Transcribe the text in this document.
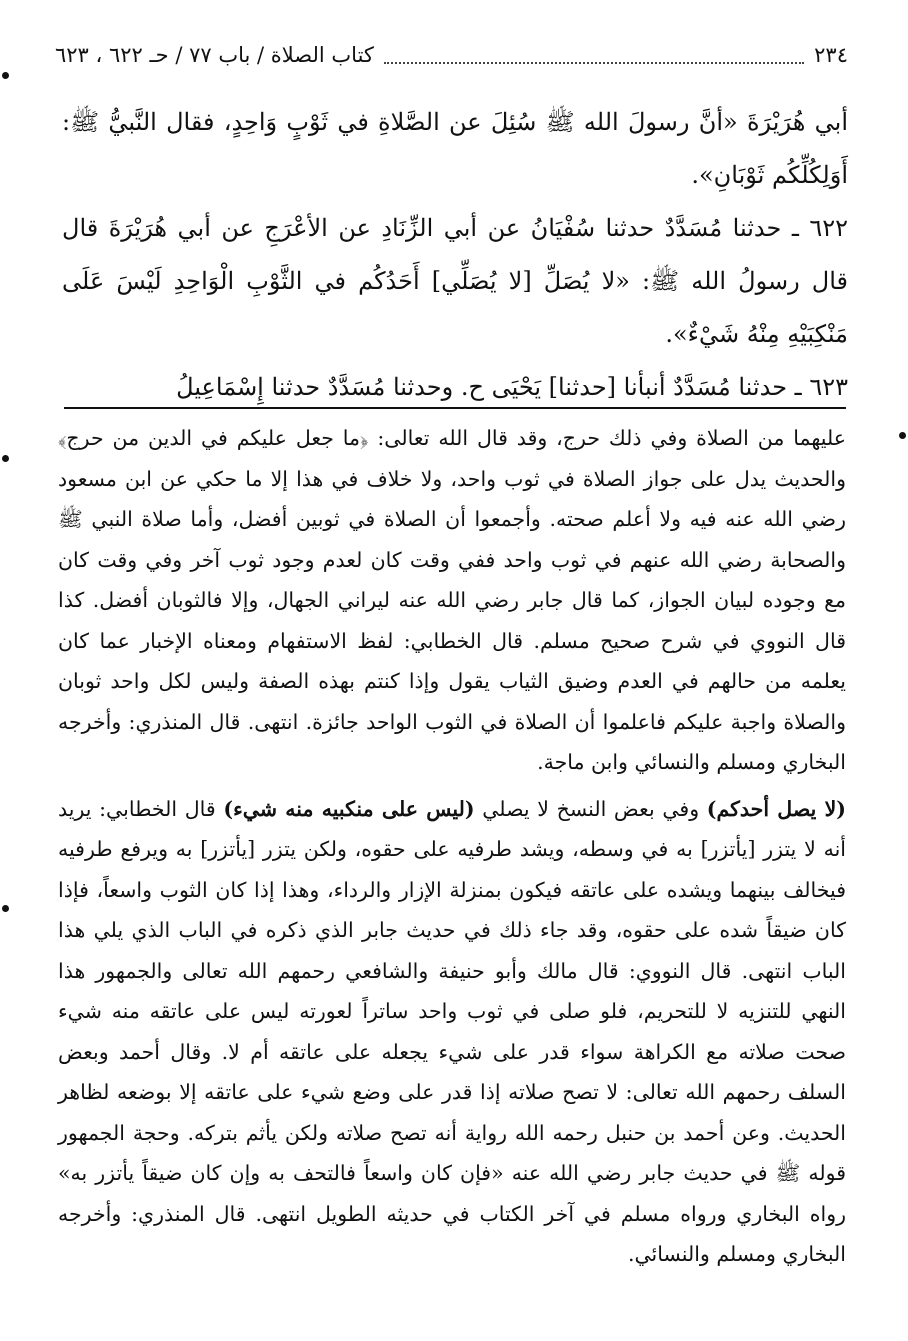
٢٣٤
كتاب الصلاة / باب ٧٧ / حـ ٦٢٢ ، ٦٢٣

أبي هُرَيْرَةَ «أنَّ رسولَ الله ﷺ سُئِلَ عن الصَّلاةِ في ثَوْبٍ وَاحِدٍ، فقال النَّبيُّ ﷺ: أَوَلِكُلِّكُم ثَوْبَانِ».

٦٢٢ ـ حدثنا مُسَدَّدٌ حدثنا سُفْيَانُ عن أبي الزِّنَادِ عن الأعْرَجِ عن أبي هُرَيْرَةَ قال قال رسولُ الله ﷺ: «لا يُصَلِّ [لا يُصَلِّي] أَحَدُكُم في الثَّوْبِ الْوَاحِدِ لَيْسَ عَلَى مَنْكِبَيْهِ مِنْهُ شَيْءٌ».

٦٢٣ ـ حدثنا مُسَدَّدٌ أنبأنا [حدثنا] يَحْيَى ح. وحدثنا مُسَدَّدٌ حدثنا إِسْمَاعِيلُ

عليهما من الصلاة وفي ذلك حرج، وقد قال الله تعالى: ﴿ما جعل عليكم في الدين من حرج﴾ والحديث يدل على جواز الصلاة في ثوب واحد، ولا خلاف في هذا إلا ما حكي عن ابن مسعود رضي الله عنه فيه ولا أعلم صحته. وأجمعوا أن الصلاة في ثوبين أفضل، وأما صلاة النبي ﷺ والصحابة رضي الله عنهم في ثوب واحد ففي وقت كان لعدم وجود ثوب آخر وفي وقت كان مع وجوده لبيان الجواز، كما قال جابر رضي الله عنه ليراني الجهال، وإلا فالثوبان أفضل. كذا قال النووي في شرح صحيح مسلم. قال الخطابي: لفظ الاستفهام ومعناه الإخبار عما كان يعلمه من حالهم في العدم وضيق الثياب يقول وإذا كنتم بهذه الصفة وليس لكل واحد ثوبان والصلاة واجبة عليكم فاعلموا أن الصلاة في الثوب الواحد جائزة. انتهى. قال المنذري: وأخرجه البخاري ومسلم والنسائي وابن ماجة.

(لا يصل أحدكم) وفي بعض النسخ لا يصلي (ليس على منكبيه منه شيء) قال الخطابي: يريد أنه لا يتزر [يأتزر] به في وسطه، ويشد طرفيه على حقوه، ولكن يتزر [يأتزر] به ويرفع طرفيه فيخالف بينهما ويشده على عاتقه فيكون بمنزلة الإزار والرداء، وهذا إذا كان الثوب واسعاً، فإذا كان ضيقاً شده على حقوه، وقد جاء ذلك في حديث جابر الذي ذكره في الباب الذي يلي هذا الباب انتهى. قال النووي: قال مالك وأبو حنيفة والشافعي رحمهم الله تعالى والجمهور هذا النهي للتنزيه لا للتحريم، فلو صلى في ثوب واحد ساتراً لعورته ليس على عاتقه منه شيء صحت صلاته مع الكراهة سواء قدر على شيء يجعله على عاتقه أم لا. وقال أحمد وبعض السلف رحمهم الله تعالى: لا تصح صلاته إذا قدر على وضع شيء على عاتقه إلا بوضعه لظاهر الحديث. وعن أحمد بن حنبل رحمه الله رواية أنه تصح صلاته ولكن يأثم بتركه. وحجة الجمهور قوله ﷺ في حديث جابر رضي الله عنه «فإن كان واسعاً فالتحف به وإن كان ضيقاً يأتزر به» رواه البخاري ورواه مسلم في آخر الكتاب في حديثه الطويل انتهى. قال المنذري: وأخرجه البخاري ومسلم والنسائي.
